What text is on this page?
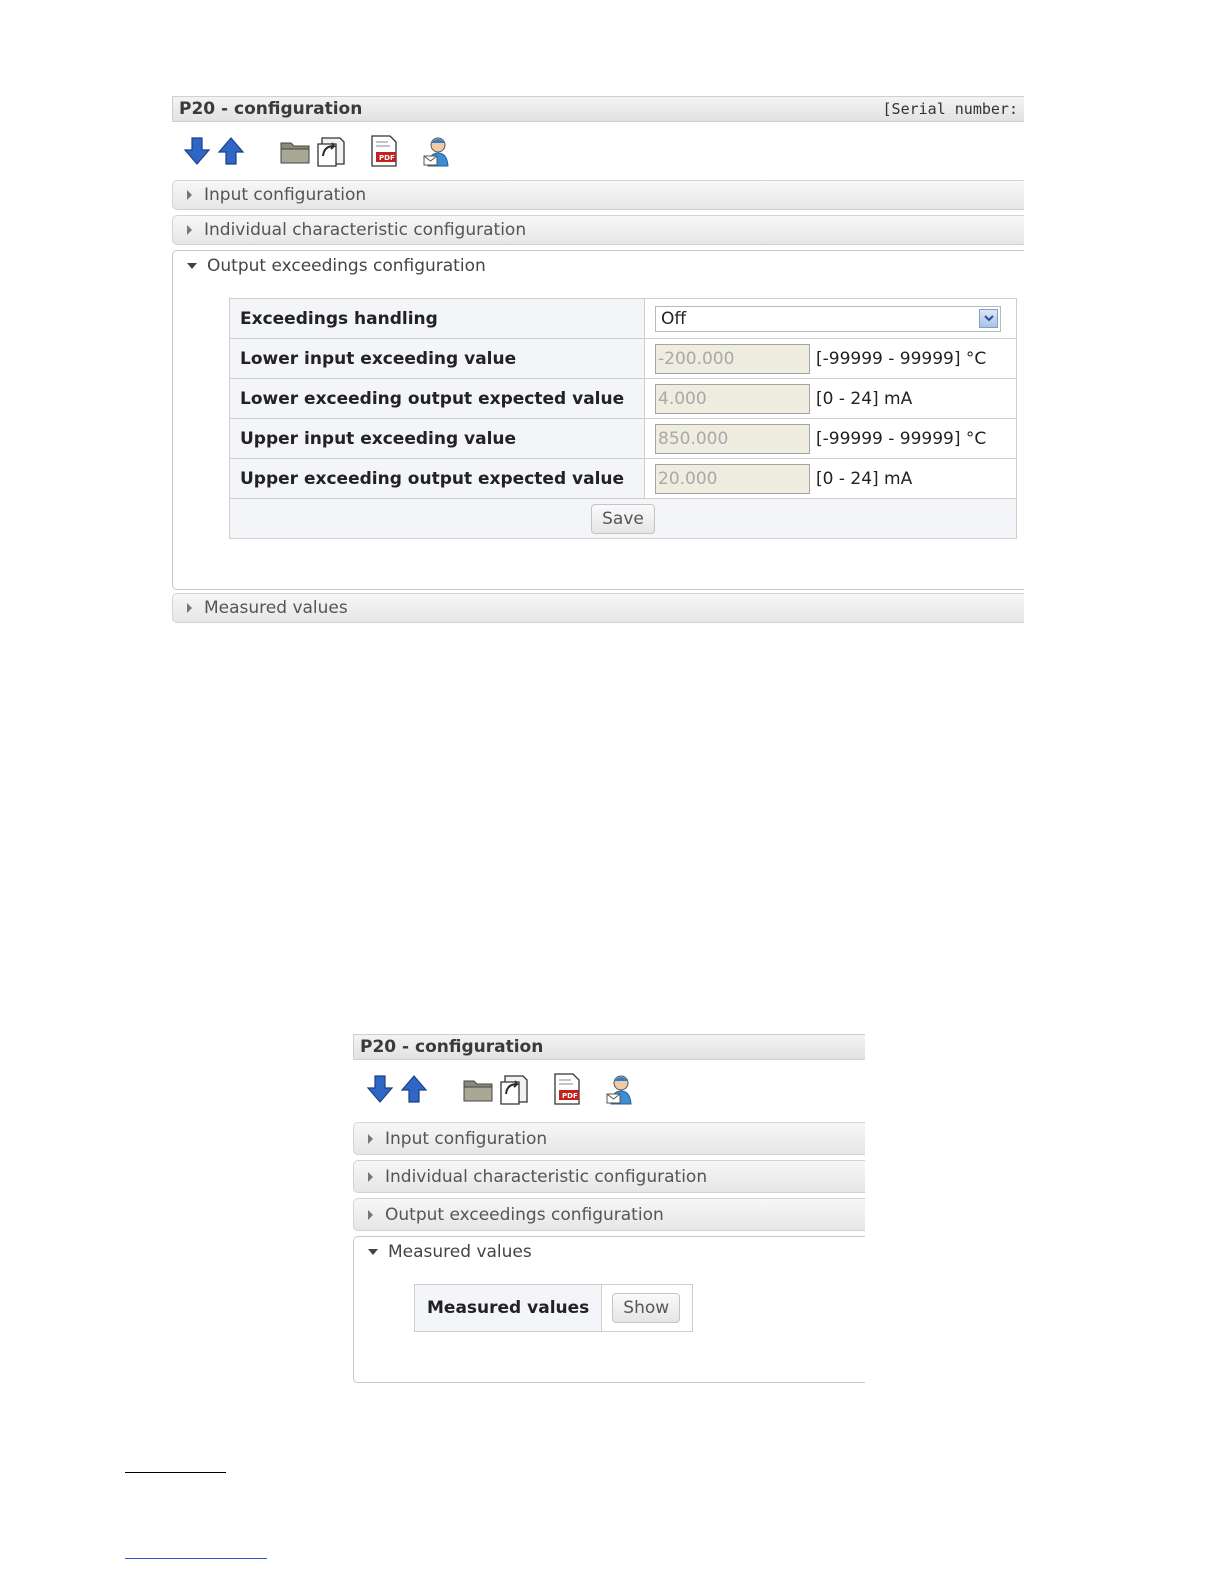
P20 - configuration	[Serial number:
PDF
Input configuration
Individual characteristic configuration
Output exceedings configuration
Exceedings handling	Off

Lower input exceeding value	-200.000[-99999 - 99999] °C
Lower exceeding output expected value	4.000[0 - 24] mA
Upper input exceeding value	850.000[-99999 - 99999] °C
Upper exceeding output expected value	20.000[0 - 24] mA
Save	
Measured values
P20 - configuration
PDF
Input configuration
Individual characteristic configuration
Output exceedings configuration
Measured values
Measured values	Show
